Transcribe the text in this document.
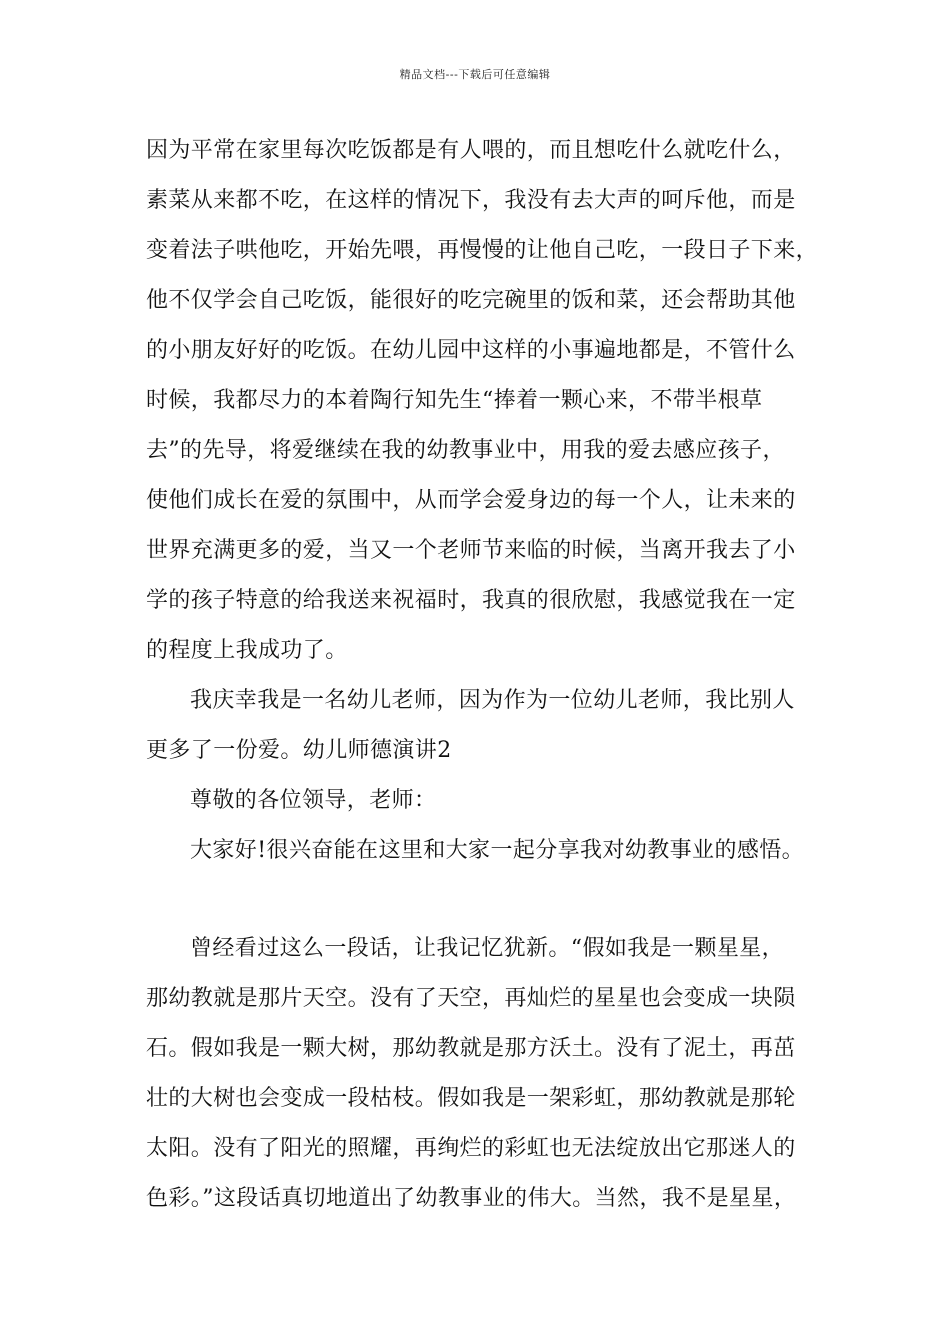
精品文档---下载后可任意编辑
因为平常在家里每次吃饭都是有人喂的，而且想吃什么就吃什么，
素菜从来都不吃，在这样的情况下，我没有去大声的呵斥他，而是
变着法子哄他吃，开始先喂，再慢慢的让他自己吃，一段日子下来，
他不仅学会自己吃饭，能很好的吃完碗里的饭和菜，还会帮助其他
的小朋友好好的吃饭。在幼儿园中这样的小事遍地都是，不管什么
时候，我都尽力的本着陶行知先生“捧着一颗心来，不带半根草
去”的先导，将爱继续在我的幼教事业中，用我的爱去感应孩子，
使他们成长在爱的氛围中，从而学会爱身边的每一个人，让未来的
世界充满更多的爱，当又一个老师节来临的时候，当离开我去了小
学的孩子特意的给我送来祝福时，我真的很欣慰，我感觉我在一定
的程度上我成功了。
我庆幸我是一名幼儿老师，因为作为一位幼儿老师，我比别人
更多了一份爱。幼儿师德演讲2
尊敬的各位领导，老师：
大家好!很兴奋能在这里和大家一起分享我对幼教事业的感悟。
曾经看过这么一段话，让我记忆犹新。“假如我是一颗星星，
那幼教就是那片天空。没有了天空，再灿烂的星星也会变成一块陨
石。假如我是一颗大树，那幼教就是那方沃土。没有了泥土，再茁
壮的大树也会变成一段枯枝。假如我是一架彩虹，那幼教就是那轮
太阳。没有了阳光的照耀，再绚烂的彩虹也无法绽放出它那迷人的
色彩。”这段话真切地道出了幼教事业的伟大。当然，我不是星星，
